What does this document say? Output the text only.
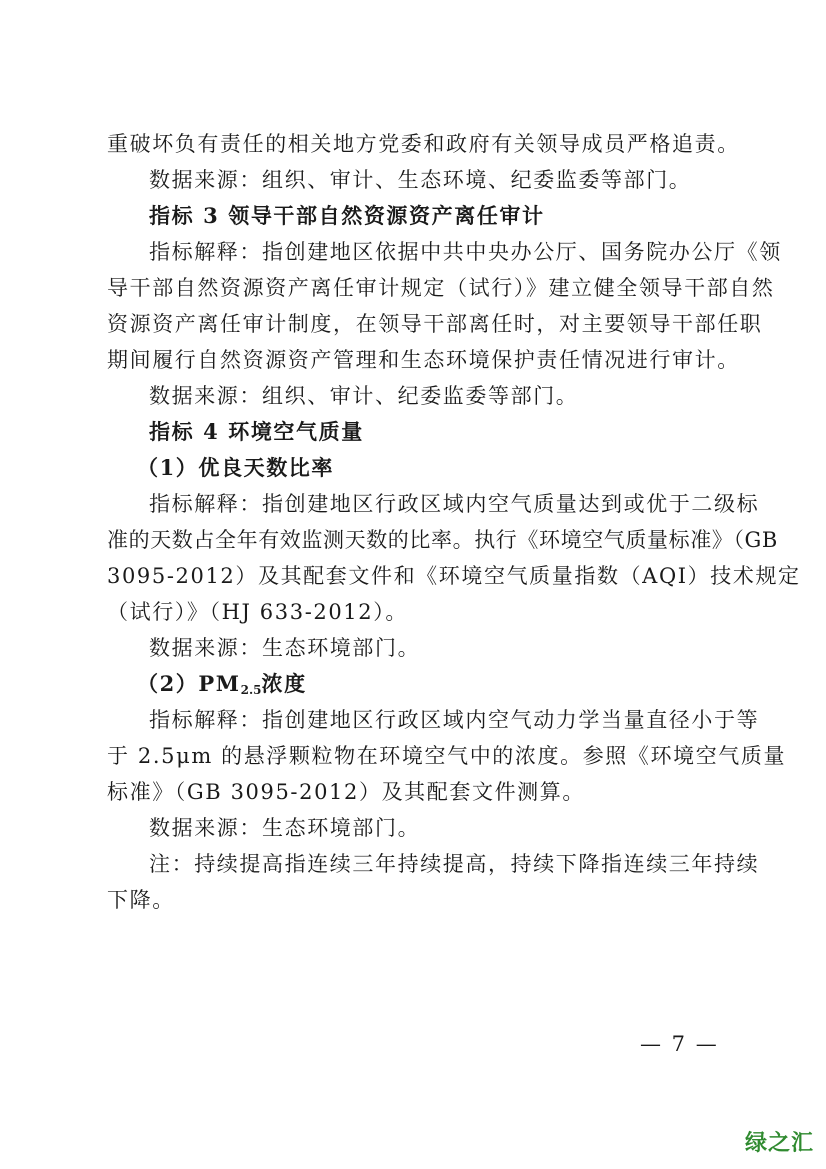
重破坏负有责任的相关地方党委和政府有关领导成员严格追责。
数据来源：组织、审计、生态环境、纪委监委等部门。
指标 3 领导干部自然资源资产离任审计
指标解释：指创建地区依据中共中央办公厅、国务院办公厅《领
导干部自然资源资产离任审计规定（试行）》建立健全领导干部自然
资源资产离任审计制度，在领导干部离任时，对主要领导干部任职
期间履行自然资源资产管理和生态环境保护责任情况进行审计。
数据来源：组织、审计、纪委监委等部门。
指标 4 环境空气质量
（1）优良天数比率
指标解释：指创建地区行政区域内空气质量达到或优于二级标
准的天数占全年有效监测天数的比率。执行《环境空气质量标准》（GB
3095-2012）及其配套文件和《环境空气质量指数（AQI）技术规定
（试行）》（HJ 633-2012）。
数据来源：生态环境部门。
$(2)PM_{2.5}$浓度
指标解释：指创建地区行政区域内空气动力学当量直径小于等
于 2.5μm 的悬浮颗粒物在环境空气中的浓度。参照《环境空气质量
标准》（GB 3095-2012）及其配套文件测算。
数据来源：生态环境部门。
注：持续提高指连续三年持续提高，持续下降指连续三年持续
下降。
— 7 —
绿之汇
